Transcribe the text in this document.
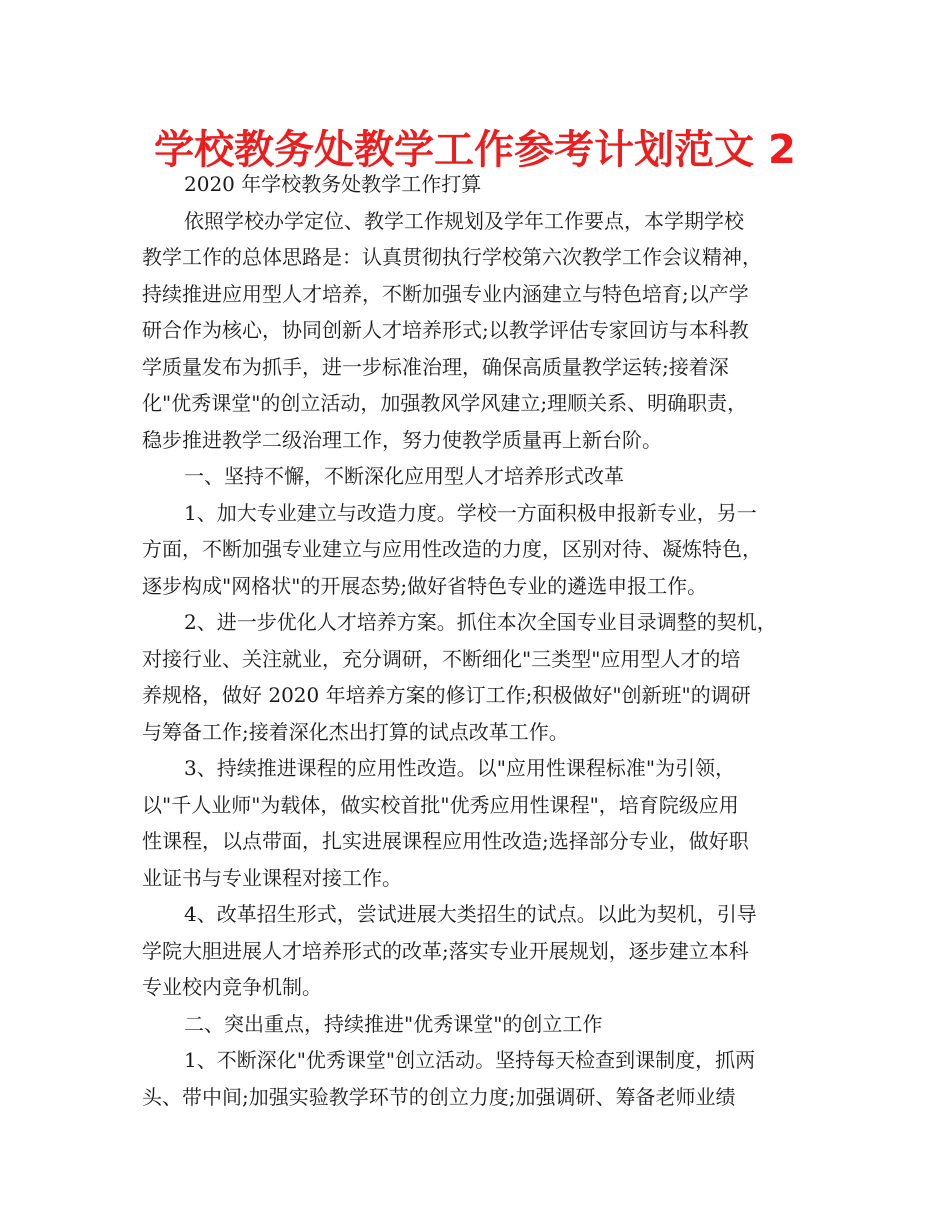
学校教务处教学工作参考计划范文 2
2020 年学校教务处教学工作打算
依照学校办学定位、教学工作规划及学年工作要点，本学期学校
教学工作的总体思路是：认真贯彻执行学校第六次教学工作会议精神，
持续推进应用型人才培养，不断加强专业内涵建立与特色培育;以产学
研合作为核心，协同创新人才培养形式;以教学评估专家回访与本科教
学质量发布为抓手，进一步标准治理，确保高质量教学运转;接着深
化"优秀课堂"的创立活动，加强教风学风建立;理顺关系、明确职责，
稳步推进教学二级治理工作，努力使教学质量再上新台阶。
一、坚持不懈，不断深化应用型人才培养形式改革
1、加大专业建立与改造力度。学校一方面积极申报新专业，另一
方面，不断加强专业建立与应用性改造的力度，区别对待、凝炼特色，
逐步构成"网格状"的开展态势;做好省特色专业的遴选申报工作。
2、进一步优化人才培养方案。抓住本次全国专业目录调整的契机，
对接行业、关注就业，充分调研，不断细化"三类型"应用型人才的培
养规格，做好 2020 年培养方案的修订工作;积极做好"创新班"的调研
与筹备工作;接着深化杰出打算的试点改革工作。
3、持续推进课程的应用性改造。以"应用性课程标准"为引领，
以"千人业师"为载体，做实校首批"优秀应用性课程"，培育院级应用
性课程，以点带面，扎实进展课程应用性改造;选择部分专业，做好职
业证书与专业课程对接工作。
4、改革招生形式，尝试进展大类招生的试点。以此为契机，引导
学院大胆进展人才培养形式的改革;落实专业开展规划，逐步建立本科
专业校内竞争机制。
二、突出重点，持续推进"优秀课堂"的创立工作
1、不断深化"优秀课堂"创立活动。坚持每天检查到课制度，抓两
头、带中间;加强实验教学环节的创立力度;加强调研、筹备老师业绩
